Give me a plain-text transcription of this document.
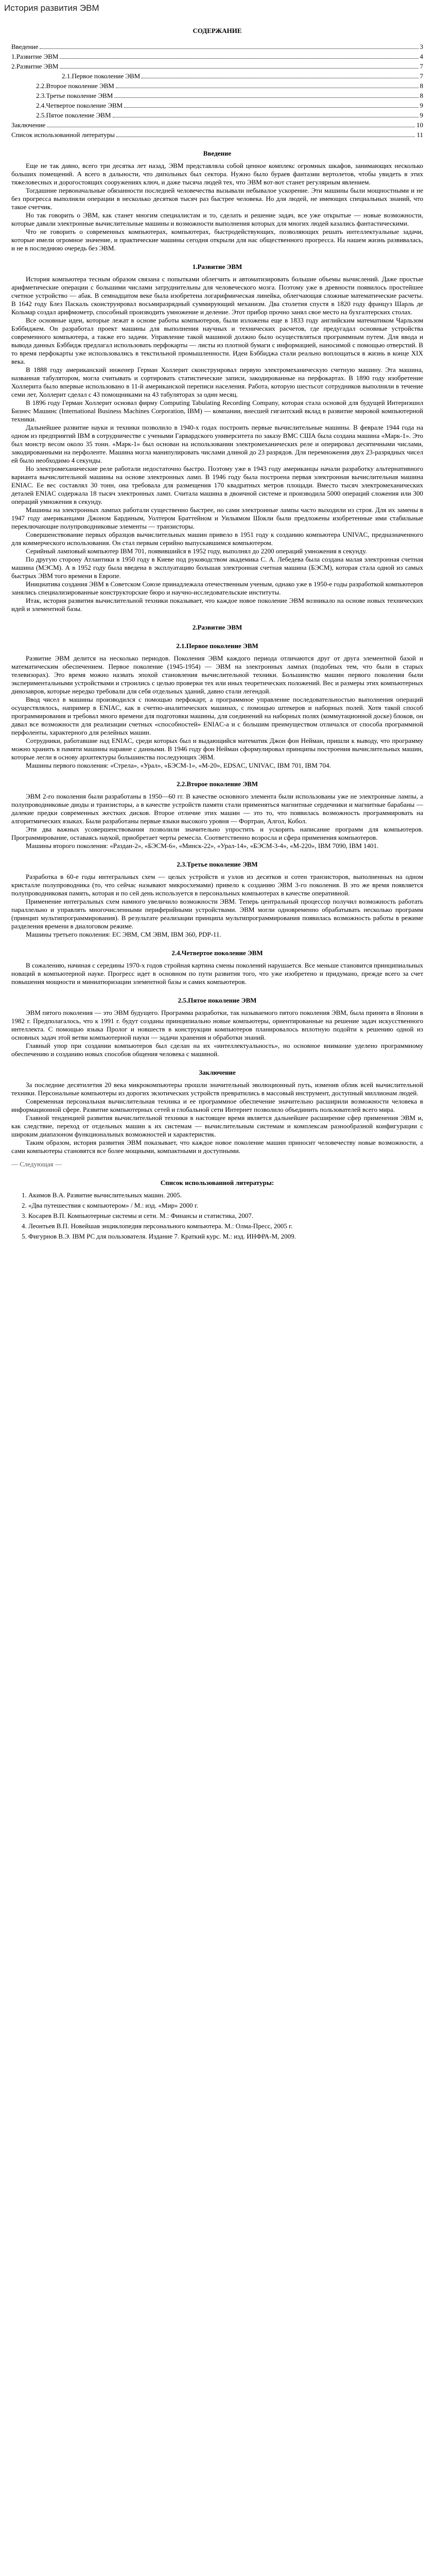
История развития ЭВМ
СОДЕРЖАНИЕ
Введение	3
1.Развитие ЭВМ	4
2.Развитие ЭВМ	7
2.1.Первое поколение ЭВМ	7
2.2.Второе поколение ЭВМ	8
2.3.Третье поколение ЭВМ	8
2.4.Четвертое поколение ЭВМ	9
2.5.Пятое поколение ЭВМ	9
Заключение	10
Список использованной литературы	11
Введение

Еще не так давно, всего три десятка лет назад, ЭВМ представляла собой ценное комплекс огромных шкафов, занимающих несколько больших помещений. А всего в дальности, что дипольных был сектора. Нужно было бураев фантазии вертолетов, чтобы увидеть в этих тяжеловесных и дорогостоящих сооружениях ключ, и даже тысяча людей тех, что ЭВМ вот-вот станет регулярным явлением.

Тогдашние первоначальные обязанности последней человечества вызывали небывалое ускорение. Эти машины были мощностными и не без прогресса выполняли операции в несколько десятков тысяч раз быстрее человека. Но для людей, не имеющих специальных знаний, что такое счетчик.

Но так говорить о ЭВМ, как станет многим специалистам и то, сделать и решение задач, все уже открытые — новые возможности, которые давали электронные вычислительные машины и возможности выполнения которых для многих людей казались фантастическими.

Что не говорить о современных компьютерах, компьютерах, быстродействующих, позволяющих решать интеллектуальные задачи, которые имели огромное значение, и практические машины сегодня открыли для нас общественного прогресса. На нашем жизнь развивалась, и не в последнюю очередь без ЭВМ.

1.Развитие ЭВМ

История компьютера тесным образом связана с попытками облегчить и автоматизировать большие объемы вычислений. Даже простые арифметические операции с большими числами затруднительны для человеческого мозга. Поэтому уже в древности появилось простейшее счетное устройство — абак. В семнадцатом веке была изобретена логарифмическая линейка, облегчающая сложные математические расчеты. В 1642 году Блез Паскаль сконструировал восьмиразрядный суммирующий механизм. Два столетия спустя в 1820 году француз Шарль де Кольмар создал арифмометр, способный производить умножение и деление. Этот прибор прочно занял свое место на бухгалтерских столах.

Все основные идеи, которые лежат в основе работы компьютеров, были изложены еще в 1833 году английским математиком Чарльзом Бэббиджем. Он разработал проект машины для выполнения научных и технических расчетов, где предугадал основные устройства современного компьютера, а также его задачи. Управление такой машиной должно было осуществляться программным путем. Для ввода и вывода данных Бэббидж предлагал использовать перфокарты — листы из плотной бумаги с информацией, наносимой с помощью отверстий. В то время перфокарты уже использовались в текстильной промышленности. Идеи Бэббиджа стали реально воплощаться в жизнь в конце XIX века.

В 1888 году американский инженер Герман Холлерит сконструировал первую электромеханическую счетную машину. Эта машина, названная табулятором, могла считывать и сортировать статистические записи, закодированные на перфокартах. В 1890 году изобретение Холлерита было впервые использовано в 11-й американской переписи населения. Работа, которую шестьсот сотрудников выполняли в течение семи лет, Холлерит сделал с 43 помощниками на 43 табуляторах за один месяц.

В 1896 году Герман Холлерит основал фирму Computing Tabulating Recording Company, которая стала основой для будущей Интернэшнл Бизнес Машинс (International Business Machines Corporation, IBM) — компании, внесшей гигантский вклад в развитие мировой компьютерной техники.

Дальнейшее развитие науки и техники позволило в 1940-х годах построить первые вычислительные машины. В феврале 1944 года на одном из предприятий IBM в сотрудничестве с учеными Гарвардского университета по заказу ВМС США была создана машина «Марк-1». Это был монстр весом около 35 тонн. «Марк-1» был основан на использовании электромеханических реле и оперировал десятичными числами, закодированными на перфоленте. Машина могла манипулировать числами длиной до 23 разрядов. Для перемножения двух 23-разрядных чисел ей было необходимо 4 секунды.

Но электромеханические реле работали недостаточно быстро. Поэтому уже в 1943 году американцы начали разработку альтернативного варианта вычислительной машины на основе электронных ламп. В 1946 году была построена первая электронная вычислительная машина ENIAC. Ее вес составлял 30 тонн, она требовала для размещения 170 квадратных метров площади. Вместо тысяч электромеханических деталей ENIAC содержала 18 тысяч электронных ламп. Считала машина в двоичной системе и производила 5000 операций сложения или 300 операций умножения в секунду.

Машины на электронных лампах работали существенно быстрее, но сами электронные лампы часто выходили из строя. Для их замены в 1947 году американцами Джоном Бардиным, Уолтером Браттейном и Уильямом Шокли были предложены изобретенные ими стабильные переключающие полупроводниковые элементы — транзисторы.

Совершенствование первых образцов вычислительных машин привело в 1951 году к созданию компьютера UNIVAC, предназначенного для коммерческого использования. Он стал первым серийно выпускавшимся компьютером.

Серийный ламповый компьютер IBM 701, появившийся в 1952 году, выполнял до 2200 операций умножения в секунду.

По другую сторону Атлантики в 1950 году в Киеве под руководством академика С. А. Лебедева была создана малая электронная счетная машина (МЭСМ). А в 1952 году была введена в эксплуатацию большая электронная счетная машина (БЭСМ), которая стала одной из самых быстрых ЭВМ того времени в Европе.

Инициатива создания ЭВМ в Советском Союзе принадлежала отечественным ученым, однако уже в 1950-е годы разработкой компьютеров занялись специализированные конструкторские бюро и научно-исследовательские институты.

Итак, история развития вычислительной техники показывает, что каждое новое поколение ЭВМ возникало на основе новых технических идей и элементной базы.

2.Развитие ЭВМ
2.1.Первое поколение ЭВМ

Развитие ЭВМ делится на несколько периодов. Поколения ЭВМ каждого периода отличаются друг от друга элементной базой и математическим обеспечением. Первое поколение (1945-1954) — ЭВМ на электронных лампах (подобных тем, что были в старых телевизорах). Это время можно назвать эпохой становления вычислительной техники. Большинство машин первого поколения были экспериментальными устройствами и строились с целью проверки тех или иных теоретических положений. Вес и размеры этих компьютерных динозавров, которые нередко требовали для себя отдельных зданий, давно стали легендой.

Ввод чисел в машины производился с помощью перфокарт, а программное управление последовательностью выполнения операций осуществлялось, например в ENIAC, как в счетно-аналитических машинах, с помощью штекеров и наборных полей. Хотя такой способ программирования и требовал много времени для подготовки машины, для соединений на наборных полях (коммутационной доске) блоков, он давал все возможности для реализации счетных «способностей» ENIAC-а и с большим преимуществом отличался от способа программной перфоленты, характерного для релейных машин.

Сотрудники, работавшие над ENIAC, среди которых был и выдающийся математик Джон фон Нейман, пришли к выводу, что программу можно хранить в памяти машины наравне с данными. В 1946 году фон Нейман сформулировал принципы построения вычислительных машин, которые легли в основу архитектуры большинства последующих ЭВМ.

Машины первого поколения: «Стрела», «Урал», «БЭСМ-1», «М-20», EDSAC, UNIVAC, IBM 701, IBM 704.

2.2.Второе поколение ЭВМ

ЭВМ 2-го поколения были разработаны в 1950—60 гг. В качестве основного элемента были использованы уже не электронные лампы, а полупроводниковые диоды и транзисторы, а в качестве устройств памяти стали применяться магнитные сердечники и магнитные барабаны — далекие предки современных жестких дисков. Второе отличие этих машин — это то, что появилась возможность программировать на алгоритмических языках. Были разработаны первые языки высокого уровня — Фортран, Алгол, Кобол.

Эти два важных усовершенствования позволили значительно упростить и ускорить написание программ для компьютеров. Программирование, оставаясь наукой, приобретает черты ремесла. Соответственно возросла и сфера применения компьютеров.

Машины второго поколения: «Раздан-2», «БЭСМ-6», «Минск-22», «Урал-14», «БЭСМ-3-4», «М-220», IBM 7090, IBM 1401.

2.3.Третье поколение ЭВМ

Разработка в 60-е годы интегральных схем — целых устройств и узлов из десятков и сотен транзисторов, выполненных на одном кристалле полупроводника (то, что сейчас называют микросхемами) привело к созданию ЭВМ 3-го поколения. В это же время появляется полупроводниковая память, которая и по сей день используется в персональных компьютерах в качестве оперативной.

Применение интегральных схем намного увеличило возможности ЭВМ. Теперь центральный процессор получил возможность работать параллельно и управлять многочисленными периферийными устройствами. ЭВМ могли одновременно обрабатывать несколько программ (принцип мультипрограммирования). В результате реализации принципа мультипрограммирования появилась возможность работы в режиме разделения времени в диалоговом режиме.

Машины третьего поколения: ЕС ЭВМ, СМ ЭВМ, IBM 360, PDP-11.

2.4.Четвертое поколение ЭВМ

В сожалению, начиная с середины 1970-х годов стройная картина смены поколений нарушается. Все меньше становится принципиальных новаций в компьютерной науке. Прогресс идет в основном по пути развития того, что уже изобретено и придумано, прежде всего за счет повышения мощности и миниатюризации элементной базы и самих компьютеров.

2.5.Пятое поколение ЭВМ

ЭВМ пятого поколения — это ЭВМ будущего. Программа разработки, так называемого пятого поколения ЭВМ, была принята в Японии в 1982 г. Предполагалось, что к 1991 г. будут созданы принципиально новые компьютеры, ориентированные на решение задач искусственного интеллекта. С помощью языка Пролог и новшеств в конструкции компьютеров планировалось вплотную подойти к решению одной из основных задач этой ветви компьютерной науки — задачи хранения и обработки знаний.

Главный упор при создании компьютеров был сделан на их «интеллектуальность», но основное внимание уделено программному обеспечению и созданию новых способов общения человека с машиной.

Заключение

За последние десятилетия 20 века микрокомпьютеры прошли значительный эволюционный путь, изменив облик всей вычислительной техники. Персональные компьютеры из дорогих экзотических устройств превратились в массовый инструмент, доступный миллионам людей.

Современная персональная вычислительная техника и ее программное обеспечение значительно расширили возможности человека в информационной сфере. Развитие компьютерных сетей и глобальной сети Интернет позволило объединить пользователей всего мира.

Главной тенденцией развития вычислительной техники в настоящее время является дальнейшее расширение сфер применения ЭВМ и, как следствие, переход от отдельных машин к их системам — вычислительным системам и комплексам разнообразной конфигурации с широким диапазоном функциональных возможностей и характеристик.

Таким образом, история развития ЭВМ показывает, что каждое новое поколение машин приносит человечеству новые возможности, а сами компьютеры становятся все более мощными, компактными и доступными.

— Следующая —
Список использованной литературы:
1. Акимов В.А. Развитие вычислительных машин. 2005.
2. «Два путешествия с компьютером» / М.: изд. «Мир» 2000 г.
3. Косарев В.П. Компьютерные системы и сети. М.: Финансы и статистика, 2007.
4. Леонтьев В.П. Новейшая энциклопедия персонального компьютера. М.: Олма-Пресс, 2005 г.
5. Фигурнов В.Э. IBM PC для пользователя. Издание 7. Краткий курс. М.: изд. ИНФРА-М, 2009.
